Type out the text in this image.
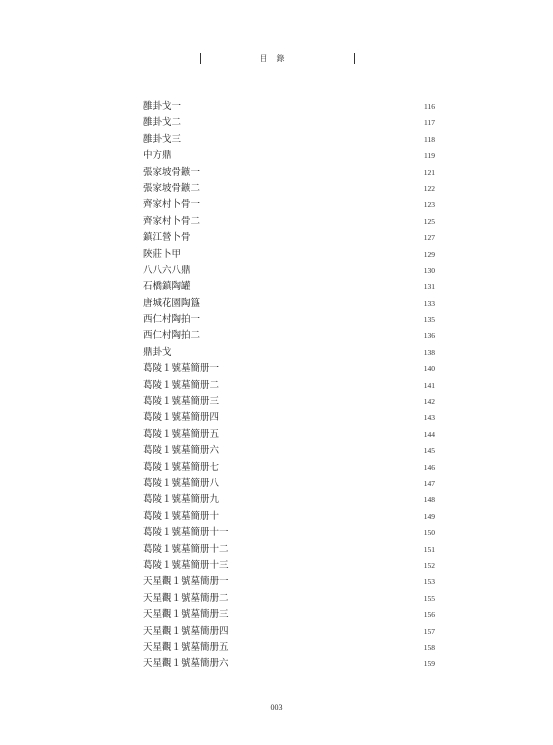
目錄
雝卦戈一	116
雝卦戈二	117
雝卦戈三	118
中方鼎	119
張家坡骨鏃一	121
張家坡骨鏃二	122
齊家村卜骨一	123
齊家村卜骨二	125
鎮江營卜骨	127
陝莊卜甲	129
八八六八鼎	130
石橋鎮陶罐	131
唐城花園陶簋	133
西仁村陶拍一	135
西仁村陶拍二	136
鼎卦戈	138
葛陵１號墓簡册一	140
葛陵１號墓簡册二	141
葛陵１號墓簡册三	142
葛陵１號墓簡册四	143
葛陵１號墓簡册五	144
葛陵１號墓簡册六	145
葛陵１號墓簡册七	146
葛陵１號墓簡册八	147
葛陵１號墓簡册九	148
葛陵１號墓簡册十	149
葛陵１號墓簡册十一	150
葛陵１號墓簡册十二	151
葛陵１號墓簡册十三	152
天星觀１號墓簡册一	153
天星觀１號墓簡册二	155
天星觀１號墓簡册三	156
天星觀１號墓簡册四	157
天星觀１號墓簡册五	158
天星觀１號墓簡册六	159
003
